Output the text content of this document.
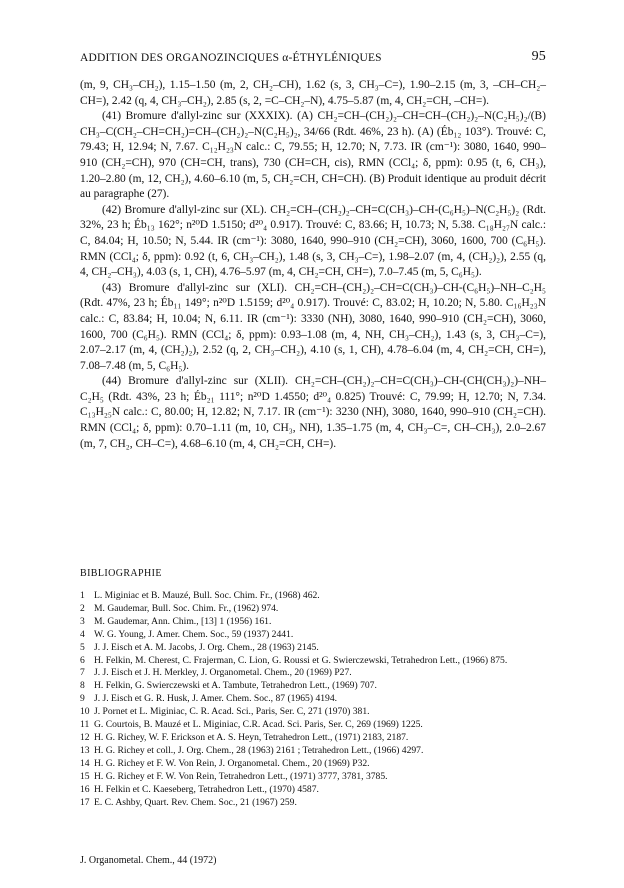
ADDITION DES ORGANOZINCIQUES α-ÉTHYLÉNIQUES	95

(m, 9, CH₃–CH₂), 1.15–1.50 (m, 2, CH₂–CH), 1.62 (s, 3, CH₃–C=), 1.90–2.15 (m, 3, –CH–CH₂–CH=), 2.42 (q, 4, CH₃–CH₂), 2.85 (s, 2, =C–CH₂–N), 4.75–5.87 (m, 4, CH₂=CH, –CH=).

(41) Bromure d'allyl-zinc sur (XXXIX). (A) CH₂=CH–(CH₂)₂–CH=CH–(CH₂)₂–N(C₂H₅)₂/(B) CH₃–C(CH₂–CH=CH₂)=CH–(CH₂)₂–N(C₂H₅)₂, 34/66 (Rdt. 46%, 23 h). (A) (Éb₁₂ 103°). Trouvé: C, 79.43; H, 12.94; N, 7.67. C₁₂H₂₃N calc.: C, 79.55; H, 12.70; N, 7.73. IR (cm⁻¹): 3080, 1640, 990–910 (CH₂=CH), 970 (CH=CH, trans), 730 (CH=CH, cis), RMN (CCl₄; δ, ppm): 0.95 (t, 6, CH₃), 1.20–2.80 (m, 12, CH₂), 4.60–6.10 (m, 5, CH₂=CH, CH=CH). (B) Produit identique au produit décrit au paragraphe (27).

(42) Bromure d'allyl-zinc sur (XL). CH₂=CH–(CH₂)₂–CH=C(CH₃)–CH-(C₆H₅)–N(C₂H₅)₂ (Rdt. 32%, 23 h; Éb₁₃ 162°; n²⁰D 1.5150; d²⁰₄ 0.917). Trouvé: C, 83.66; H, 10.73; N, 5.38. C₁₈H₂₇N calc.: C, 84.04; H, 10.50; N, 5.44. IR (cm⁻¹): 3080, 1640, 990–910 (CH₂=CH), 3060, 1600, 700 (C₆H₅). RMN (CCl₄; δ, ppm): 0.92 (t, 6, CH₃–CH₂), 1.48 (s, 3, CH₃–C=), 1.98–2.07 (m, 4, (CH₂)₂), 2.55 (q, 4, CH₂–CH₃), 4.03 (s, 1, CH), 4.76–5.97 (m, 4, CH₂=CH, CH=), 7.0–7.45 (m, 5, C₆H₅).

(43) Bromure d'allyl-zinc sur (XLI). CH₂=CH–(CH₂)₂–CH=C(CH₃)–CH-(C₆H₅)–NH–C₂H₅ (Rdt. 47%, 23 h; Éb₁₁ 149°; n²⁰D 1.5159; d²⁰₄ 0.917). Trouvé: C, 83.02; H, 10.20; N, 5.80. C₁₆H₂₃N calc.: C, 83.84; H, 10.04; N, 6.11. IR (cm⁻¹): 3330 (NH), 3080, 1640, 990–910 (CH₂=CH), 3060, 1600, 700 (C₆H₅). RMN (CCl₄; δ, ppm): 0.93–1.08 (m, 4, NH, CH₃–CH₂), 1.43 (s, 3, CH₃–C=), 2.07–2.17 (m, 4, (CH₂)₂), 2.52 (q, 2, CH₃–CH₂), 4.10 (s, 1, CH), 4.78–6.04 (m, 4, CH₂=CH, CH=), 7.08–7.48 (m, 5, C₆H₅).

(44) Bromure d'allyl-zinc sur (XLII). CH₂=CH–(CH₂)₂–CH=C(CH₃)–CH-(CH(CH₃)₂)–NH–C₂H₅ (Rdt. 43%, 23 h; Éb₂₁ 111°; n²⁰D 1.4550; d²⁰₄ 0.825) Trouvé: C, 79.99; H, 12.70; N, 7.34. C₁₃H₂₅N calc.: C, 80.00; H, 12.82; N, 7.17. IR (cm⁻¹): 3230 (NH), 3080, 1640, 990–910 (CH₂=CH). RMN (CCl₄; δ, ppm): 0.70–1.11 (m, 10, CH₃, NH), 1.35–1.75 (m, 4, CH₃–C=, CH–CH₃), 2.0–2.67 (m, 7, CH₂, CH–C=), 4.68–6.10 (m, 4, CH₂=CH, CH=).

BIBLIOGRAPHIE
1 L. Miginiac et B. Mauzé, Bull. Soc. Chim. Fr., (1968) 462.
2 M. Gaudemar, Bull. Soc. Chim. Fr., (1962) 974.
3 M. Gaudemar, Ann. Chim., [13] 1 (1956) 161.
4 W. G. Young, J. Amer. Chem. Soc., 59 (1937) 2441.
5 J. J. Eisch et A. M. Jacobs, J. Org. Chem., 28 (1963) 2145.
6 H. Felkin, M. Cherest, C. Frajerman, C. Lion, G. Roussi et G. Swierczewski, Tetrahedron Lett., (1966) 875.
7 J. J. Eisch et J. H. Merkley, J. Organometal. Chem., 20 (1969) P27.
8 H. Felkin, G. Swierczewski et A. Tambute, Tetrahedron Lett., (1969) 707.
9 J. J. Eisch et G. R. Husk, J. Amer. Chem. Soc., 87 (1965) 4194.
10 J. Pornet et L. Miginiac, C. R. Acad. Sci., Paris, Ser. C, 271 (1970) 381.
11 G. Courtois, B. Mauzé et L. Miginiac, C.R. Acad. Sci. Paris, Ser. C, 269 (1969) 1225.
12 H. G. Richey, W. F. Erickson et A. S. Heyn, Tetrahedron Lett., (1971) 2183, 2187.
13 H. G. Richey et coll., J. Org. Chem., 28 (1963) 2161 ; Tetrahedron Lett., (1966) 4297.
14 H. G. Richey et F. W. Von Rein, J. Organometal. Chem., 20 (1969) P32.
15 H. G. Richey et F. W. Von Rein, Tetrahedron Lett., (1971) 3777, 3781, 3785.
16 H. Felkin et C. Kaeseberg, Tetrahedron Lett., (1970) 4587.
17 E. C. Ashby, Quart. Rev. Chem. Soc., 21 (1967) 259.
J. Organometal. Chem., 44 (1972)
